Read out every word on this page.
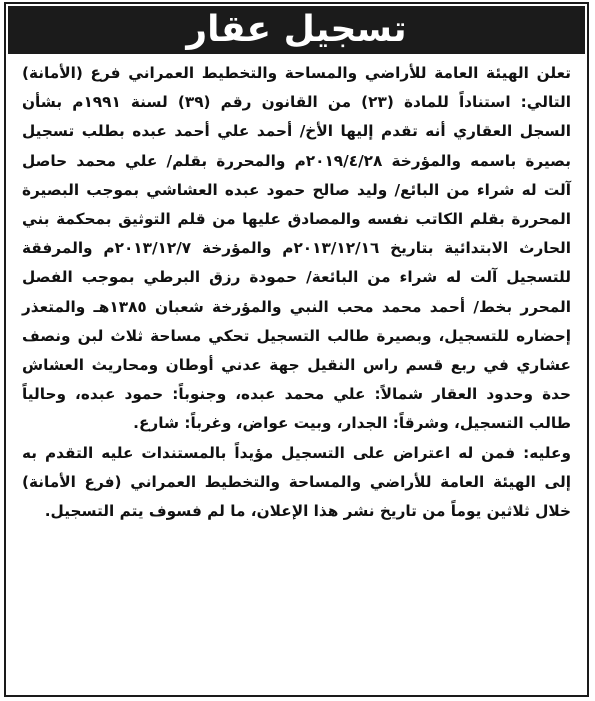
تسجيل عقار

تعلن الهيئة العامة للأراضي والمساحة والتخطيط العمراني فرع (الأمانة) التالي: استناداً للمادة (٢٣) من القانون رقم (٣٩) لسنة ١٩٩١م بشأن السجل العقاري أنه تقدم إليها الأخ/ أحمد علي أحمد عبده بطلب تسجيل بصيرة باسمه والمؤرخة ٢٠١٩/٤/٢٨م والمحررة بقلم/ علي محمد حاصل آلت له شراء من البائع/ وليد صالح حمود عبده العشاشي بموجب البصيرة المحررة بقلم الكاتب نفسه والمصادق عليها من قلم التوثيق بمحكمة بني الحارث الابتدائية بتاريخ ٢٠١٣/١٢/١٦م والمؤرخة ٢٠١٣/١٢/٧م والمرفقة للتسجيل آلت له شراء من البائعة/ حمودة رزق البرطي بموجب الفصل المحرر بخط/ أحمد محمد محب النبي والمؤرخة شعبان ١٣٨٥هـ والمتعذر إحضاره للتسجيل، وبصيرة طالب التسجيل تحكي مساحة ثلاث لبن ونصف عشاري في ربع قسم راس النقيل جهة عدني أوطان ومحاريث العشاش حدة وحدود العقار شمالاً: علي محمد عبده، وجنوباً: حمود عبده، وحالياً طالب التسجيل، وشرقاً: الجدار، وبيت عواض، وغرباً: شارع.

وعليه: فمن له اعتراض على التسجيل مؤيداً بالمستندات عليه التقدم به إلى الهيئة العامة للأراضي والمساحة والتخطيط العمراني (فرع الأمانة) خلال ثلاثين يوماً من تاريخ نشر هذا الإعلان، ما لم فسوف يتم التسجيل.
